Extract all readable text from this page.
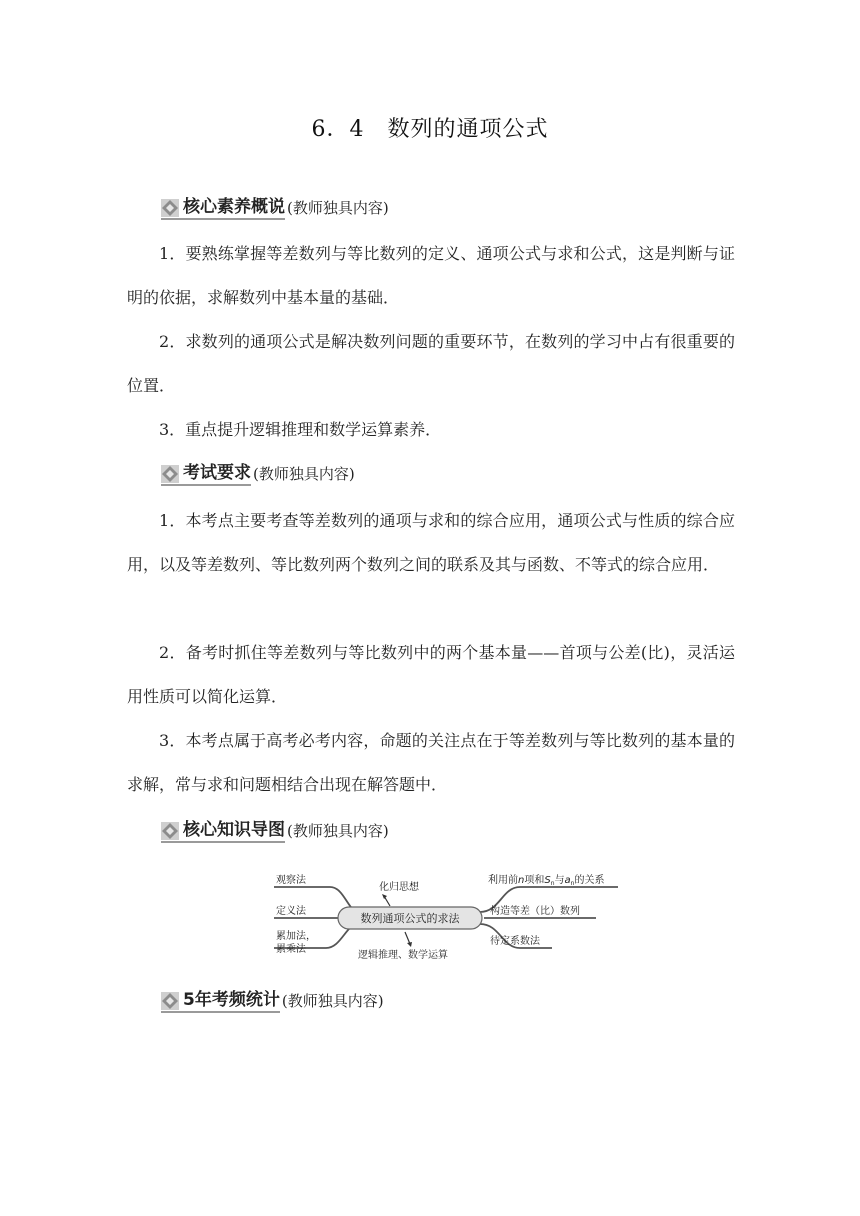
6．4　数列的通项公式
核心素养概说 (教师独具内容)

1．要熟练掌握等差数列与等比数列的定义、通项公式与求和公式，这是判断与证明的依据，求解数列中基本量的基础．

2．求数列的通项公式是解决数列问题的重要环节，在数列的学习中占有很重要的位置．

3．重点提升逻辑推理和数学运算素养．

考试要求 (教师独具内容)

1．本考点主要考查等差数列的通项与求和的综合应用，通项公式与性质的综合应用，以及等差数列、等比数列两个数列之间的联系及其与函数、不等式的综合应用．

2．备考时抓住等差数列与等比数列中的两个基本量——首项与公差(比)，灵活运用性质可以简化运算．

3．本考点属于高考必考内容，命题的关注点在于等差数列与等比数列的基本量的求解，常与求和问题相结合出现在解答题中．

核心知识导图 (教师独具内容)
数列通项公式的求法
化归思想
逻辑推理、数学运算
观察法
定义法
累加法，
累乘法
利用前n项和$S_n$与$a_n$的关系
构造等差（比）数列
待定系数法
5年考频统计 (教师独具内容)
